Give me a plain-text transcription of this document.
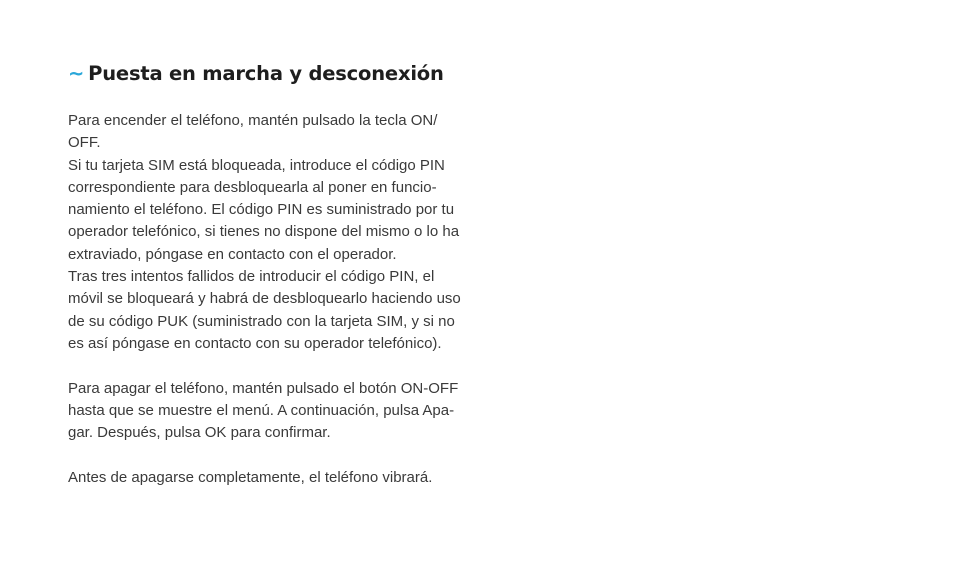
~ Puesta en marcha y desconexión

Para encender el teléfono, mantén pulsado la tecla ON/
OFF.
Si tu tarjeta SIM está bloqueada, introduce el código PIN
correspondiente para desbloquearla al poner en funcio-
namiento el teléfono. El código PIN es suministrado por tu
operador telefónico, si tienes no dispone del mismo o lo ha
extraviado, póngase en contacto con el operador.
Tras tres intentos fallidos de introducir el código PIN, el
móvil se bloqueará y habrá de desbloquearlo haciendo uso
de su código PUK (suministrado con la tarjeta SIM, y si no
es así póngase en contacto con su operador telefónico).

Para apagar el teléfono, mantén pulsado el botón ON-OFF
hasta que se muestre el menú. A continuación, pulsa Apa-
gar. Después, pulsa OK para confirmar.

Antes de apagarse completamente, el teléfono vibrará.
